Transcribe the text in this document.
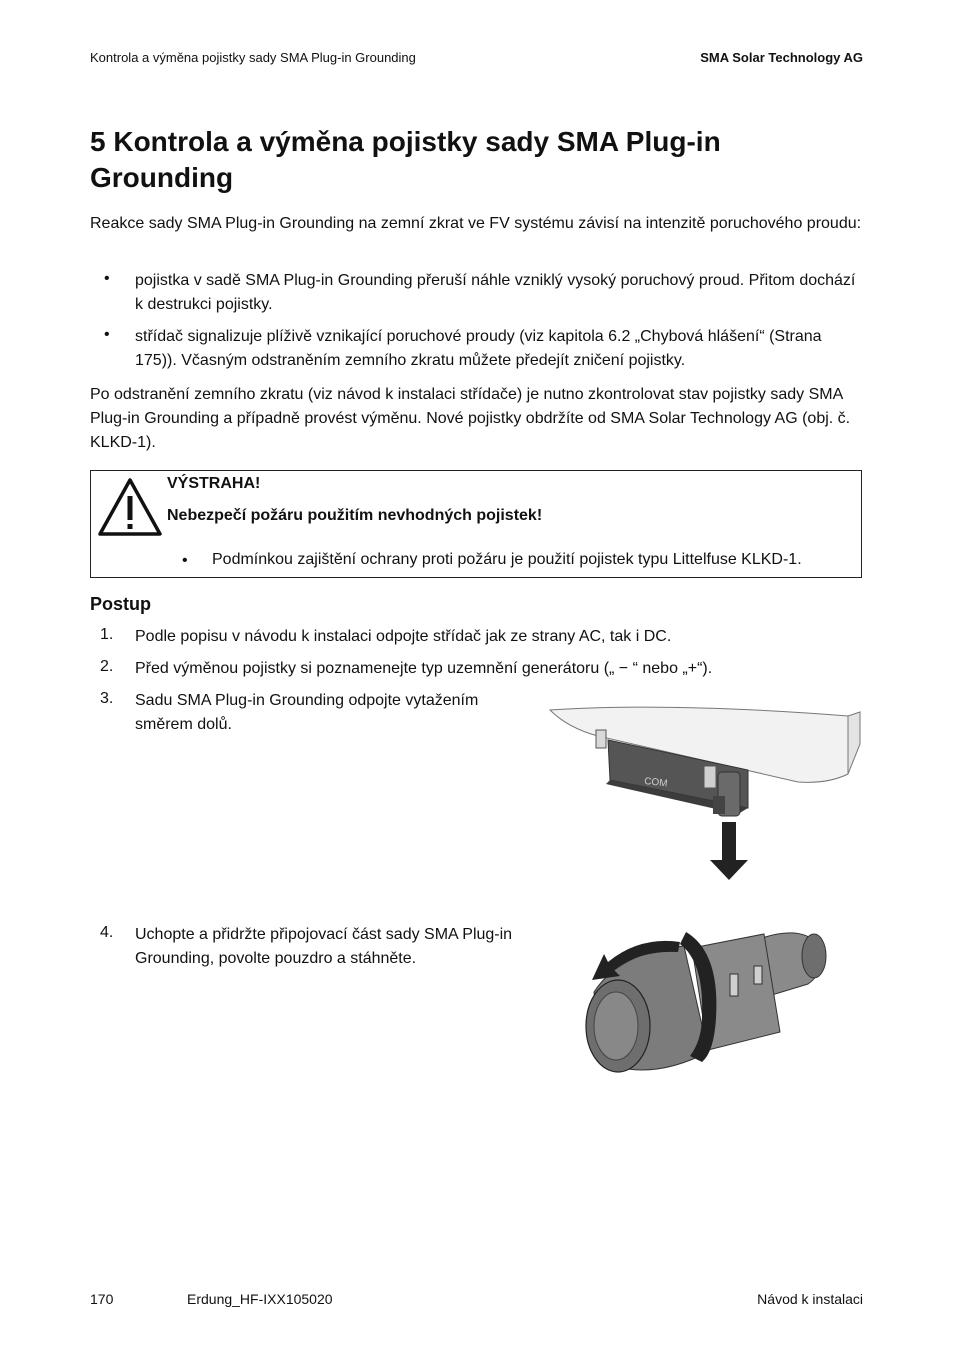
Kontrola a výměna pojistky sady SMA Plug-in Grounding	SMA Solar Technology AG
5 Kontrola a výměna pojistky sady SMA Plug-in Grounding

Reakce sady SMA Plug-in Grounding na zemní zkrat ve FV systému závisí na intenzitě poruchového proudu:

• pojistka v sadě SMA Plug-in Grounding přeruší náhle vzniklý vysoký poruchový proud. Přitom dochází k destrukci pojistky.

• střídač signalizuje plíživě vznikající poruchové proudy (viz kapitola 6.2 „Chybová hlášení“ (Strana 175)). Včasným odstraněním zemního zkratu můžete předejít zničení pojistky.

Po odstranění zemního zkratu (viz návod k instalaci střídače) je nutno zkontrolovat stav pojistky sady SMA Plug-in Grounding a případně provést výměnu. Nové pojistky obdržíte od SMA Solar Technology AG (obj. č. KLKD-1).

VÝSTRAHA!
Nebezpečí požáru použitím nevhodných pojistek!
• Podmínkou zajištění ochrany proti požáru je použití pojistek typu Littelfuse KLKD-1.
Postup
1. Podle popisu v návodu k instalaci odpojte střídač jak ze strany AC, tak i DC.

2. Před výměnou pojistky si poznamenejte typ uzemnění generátoru („ − “ nebo „+“).

3. Sadu SMA Plug-in Grounding odpojte vytažením směrem dolů.

COM
4. Uchopte a přidržte připojovací část sady SMA Plug-in Grounding, povolte pouzdro a stáhněte.

170	Erdung_HF-IXX105020	Návod k instalaci
